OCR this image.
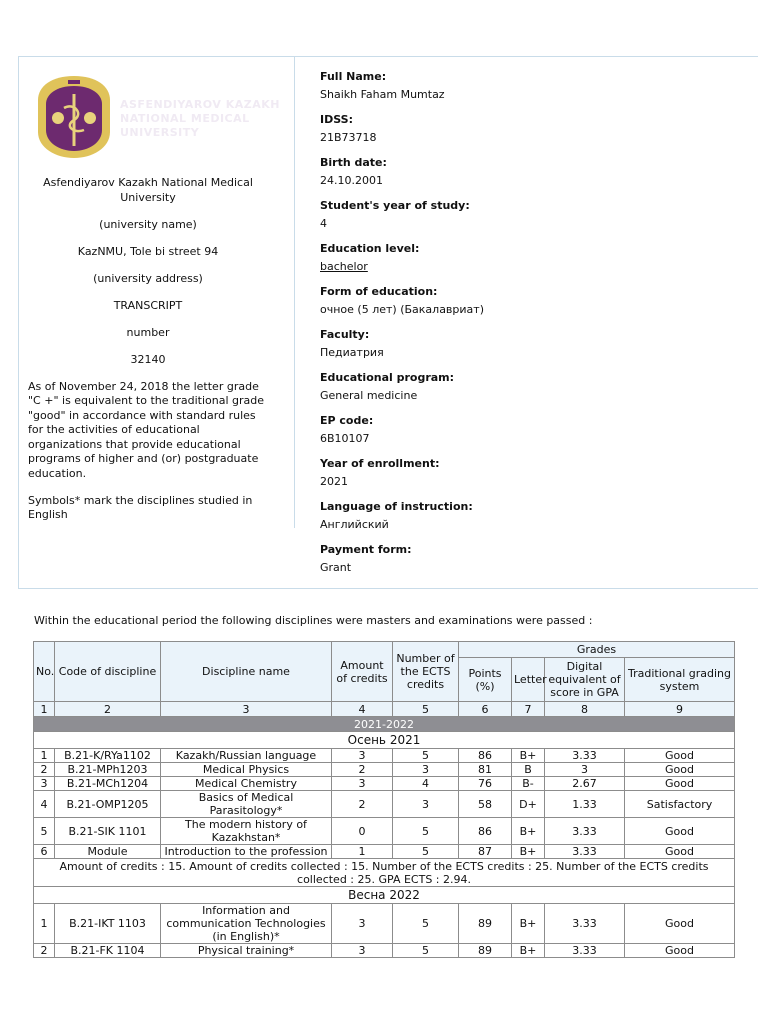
ASFENDIYAROV KAZAKH NATIONAL MEDICAL UNIVERSITY

Asfendiyarov Kazakh National Medical University

(university name)

KazNMU, Tole bi street 94

(university address)

TRANSCRIPT

number

32140

As of November 24, 2018 the letter grade "C +" is equivalent to the traditional grade "good" in accordance with standard rules for the activities of educational organizations that provide educational programs of higher and (or) postgraduate education.

Symbols* mark the disciplines studied in English

Full Name:
Shaikh Faham Mumtaz
IDSS:
21B73718
Birth date:
24.10.2001
Student's year of study:
4
Education level:
bachelor
Form of education:
очное (5 лет) (Бакалавриат)
Faculty:
Педиатрия
Educational program:
General medicine
EP code:
6B10107
Year of enrollment:
2021
Language of instruction:
Английский
Payment form:
Grant
Within the educational period the following disciplines were masters and examinations were passed :
No.	Code of discipline	Discipline name	Amount of credits	Number of the ECTS credits	Grades			
					Points (%)	Letter	Digital equivalent of score in GPA	Traditional grading system
1	2	3	4	5	6	7	8	9
2021-2022								
Осень 2021								
1	B.21-K/RYa1102	Kazakh/Russian language	3	5	86	B+	3.33	Good
2	B.21-MPh1203	Medical Physics	2	3	81	B	3	Good
3	B.21-MCh1204	Medical Chemistry	3	4	76	B-	2.67	Good
4	B.21-OMP1205	Basics of Medical Parasitology*	2	3	58	D+	1.33	Satisfactory
5	B.21-SIK 1101	The modern history of Kazakhstan*	0	5	86	B+	3.33	Good
6	Module	Introduction to the profession	1	5	87	B+	3.33	Good
Amount of credits : 15. Amount of credits collected : 15. Number of the ECTS credits : 25. Number of the ECTS credits collected : 25. GPA ECTS : 2.94.								
Весна 2022								
1	B.21-IKT 1103	Information and communication Technologies (in English)*	3	5	89	B+	3.33	Good
2	B.21-FK 1104	Physical training*	3	5	89	B+	3.33	Good
